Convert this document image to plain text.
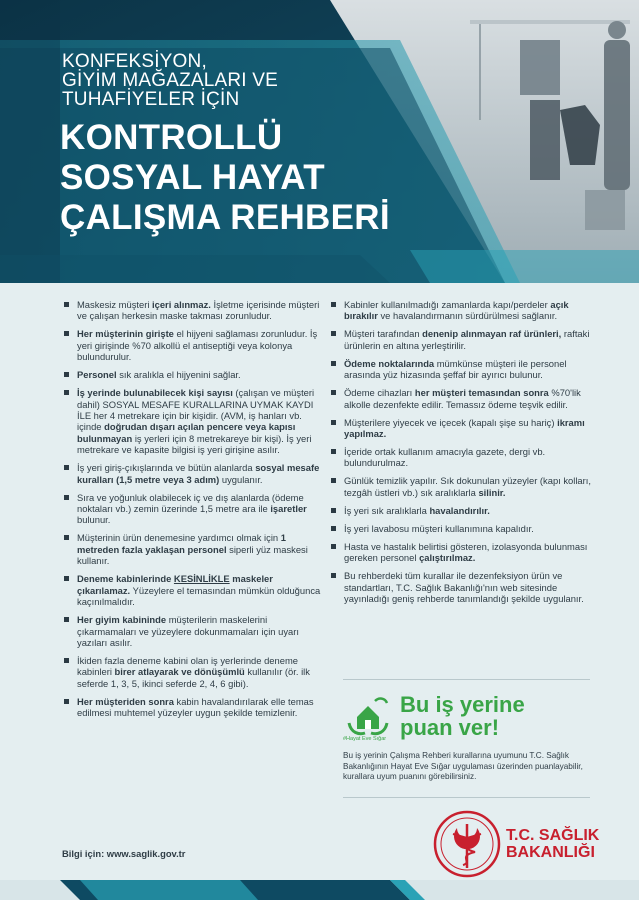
KONFEKSİYON,
GİYİM MAĞAZALARI VE
TUHAFİYELER İÇİN
KONTROLLÜ
SOSYAL HAYAT
ÇALIŞMA REHBERİ
Maskesiz müşteri içeri alınmaz. İşletme içerisinde müşteri ve çalışan herkesin maske takması zorunludur.
Her müşterinin girişte el hijyeni sağlaması zorunludur. İş yeri girişinde %70 alkollü el antiseptiği veya kolonya bulundurulur.
Personel sık aralıkla el hijyenini sağlar.
İş yerinde bulunabilecek kişi sayısı (çalışan ve müşteri dahil) SOSYAL MESAFE KURALLARINA UYMAK KAYDI İLE her 4 metrekare için bir kişidir. (AVM, iş hanları vb. içinde doğrudan dışarı açılan pencere veya kapısı bulunmayan iş yerleri için 8 metrekareye bir kişi). İş yeri metrekare ve kapasite bilgisi iş yeri girişine asılır.
İş yeri giriş-çıkışlarında ve bütün alanlarda sosyal mesafe kuralları (1,5 metre veya 3 adım) uygulanır.
Sıra ve yoğunluk olabilecek iç ve dış alanlarda (ödeme noktaları vb.) zemin üzerinde 1,5 metre ara ile işaretler bulunur.
Müşterinin ürün denemesine yardımcı olmak için 1 metreden fazla yaklaşan personel siperli yüz maskesi kullanır.
Deneme kabinlerinde KESİNLİKLE maskeler çıkarılamaz. Yüzeylere el temasından mümkün olduğunca kaçınılmalıdır.
Her giyim kabininde müşterilerin maskelerini çıkarmamaları ve yüzeylere dokunmamaları için uyarı yazıları asılır.
İkiden fazla deneme kabini olan iş yerlerinde deneme kabinleri birer atlayarak ve dönüşümlü kullanılır (ör. ilk seferde 1, 3, 5, ikinci seferde 2, 4, 6 gibi).
Her müşteriden sonra kabin havalandırılarak elle temas edilmesi muhtemel yüzeyler uygun şekilde temizlenir.
Kabinler kullanılmadığı zamanlarda kapı/perdeler açık bırakılır ve havalandırmanın sürdürülmesi sağlanır.
Müşteri tarafından denenip alınmayan raf ürünleri, raftaki ürünlerin en altına yerleştirilir.
Ödeme noktalarında mümkünse müşteri ile personel arasında yüz hizasında şeffaf bir ayırıcı bulunur.
Ödeme cihazları her müşteri temasından sonra %70'lik alkolle dezenfekte edilir. Temassız ödeme teşvik edilir.
Müşterilere yiyecek ve içecek (kapalı şişe su hariç) ikramı yapılmaz.
İçeride ortak kullanım amacıyla gazete, dergi vb. bulundurulmaz.
Günlük temizlik yapılır. Sık dokunulan yüzeyler (kapı kolları, tezgâh üstleri vb.) sık aralıklarla silinir.
İş yeri sık aralıklarla havalandırılır.
İş yeri lavabosu müşteri kullanımına kapalıdır.
Hasta ve hastalık belirtisi gösteren, izolasyonda bulunması gereken personel çalıştırılmaz.
Bu rehberdeki tüm kurallar ile dezenfeksiyon ürün ve standartları, T.C. Sağlık Bakanlığı'nın web sitesinde yayınladığı geniş rehberde tanımlandığı şekilde uygulanır.
#Hayat Eve Sığar
Bu iş yerine
puan ver!
Bu iş yerinin Çalışma Rehberi kurallarına uyumunu T.C. Sağlık Bakanlığının Hayat Eve Sığar uygulaması üzerinden puanlayabilir, kurallara uyum puanını görebilirsiniz.
Bilgi için: www.saglik.gov.tr
T.C. SAĞLIK
BAKANLIĞI
